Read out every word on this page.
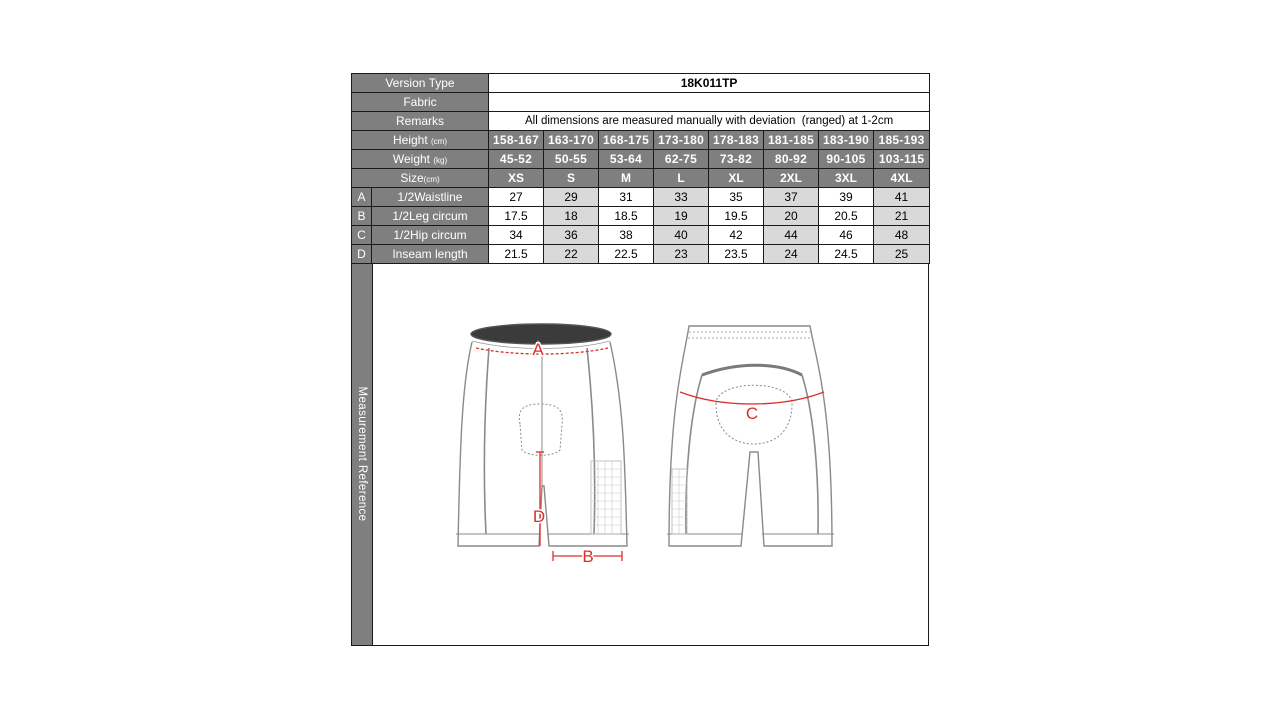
Version Type		18K011TP							
Fabric									
Remarks		All dimensions are measured manually with deviation  (ranged) at 1-2cm							
Height (cm)		158-167	163-170	168-175	173-180	178-183	181-185	183-190	185-193
Weight (kg)		45-52	50-55	53-64	62-75	73-82	80-92	90-105	103-115
Size(cm)		XS	S	M	L	XL	2XL	3XL	4XL
A	1/2Waistline	27	29	31	33	35	37	39	41
B	1/2Leg circum	17.5	18	18.5	19	19.5	20	20.5	21
C	1/2Hip circum	34	36	38	40	42	44	46	48
D	Inseam length	21.5	22	22.5	23	23.5	24	24.5	25
Measurement Reference
A
D
B
C
